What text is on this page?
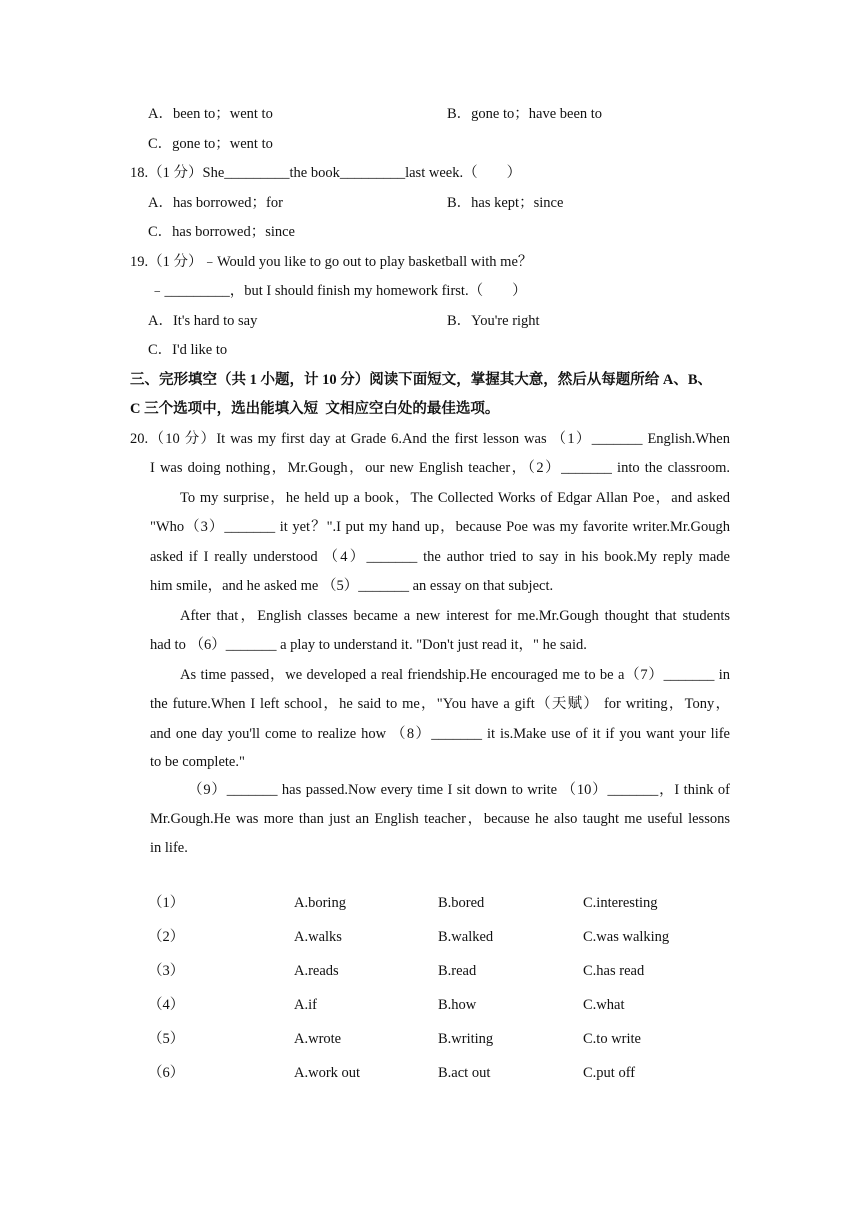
A．been to；went to	B．gone to；have been to
C．gone to；went to
18.（1 分）She_________the book_________last week.（　　）
A．has borrowed；for	B．has kept；since
C．has borrowed；since
19.（1 分）﹣Would you like to go out to play basketball with me？
﹣_________，but I should finish my homework first.（　　）
A．It's hard to say	B．You're right
C．I'd like to
三、完形填空（共 1 小题，计 10 分）阅读下面短文，掌握其大意，然后从每题所给 A、B、
C 三个选项中，选出能填入短  文相应空白处的最佳选项。
20.（10 分）It was my first day at Grade 6.And the first lesson was （1）_______ English.When
I was doing nothing，Mr.Gough，our new English teacher，（2）_______ into the classroom.
To my surprise，he held up a book，The Collected Works of Edgar Allan Poe，and asked
"Who（3）_______ it yet？".I put my hand up，because Poe was my favorite writer.Mr.Gough
asked if I really understood （4）_______ the author tried to say in his book.My reply made
him smile，and he asked me （5）_______ an essay on that subject.
After that，English classes became a new interest for me.Mr.Gough thought that students
had to （6）_______ a play to understand it. "Don't just read it，" he said.
As time passed，we developed a real friendship.He encouraged me to be a（7）_______ in
the future.When I left school，he said to me，"You have a gift（天赋） for writing，Tony，
and one day you'll come to realize how （8）_______ it is.Make use of it if you want your life
to be complete."
（9）_______ has passed.Now every time I sit down to write （10）_______，I think of
Mr.Gough.He was more than just an English teacher，because he also taught me useful lessons
in life.
（1）	A.boring	B.bored	C.interesting
（2）	A.walks	B.walked	C.was walking
（3）	A.reads	B.read	C.has read
（4）	A.if	B.how	C.what
（5）	A.wrote	B.writing	C.to write
（6）	A.work out	B.act out	C.put off
